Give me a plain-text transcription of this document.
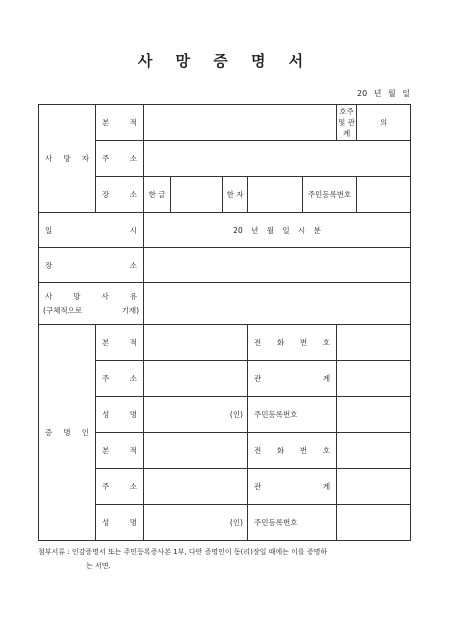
사 망 증 명 서
20 년 월 일
사 망 자	본 적						호주 및 관계	의
	주 소							
	장 소	한 글		한 자		주민등록번호		
일 시		20 년 월 일 시 분						
장 소								

사 망 사 유
(구체적으로 기재)								

증 명 인	본 적				전 화 번 호			
	주 소				관 계			
	성 명	(인)			주민등록번호			
	본 적				전 화 번 호			
	주 소				관 계			
	성 명	(인)			주민등록번호			
첨부서류 : 인감증명서 또는 주민등록증사본 1부, 다만 증명인이 동(리)장일 때에는 이를 증명하
는 서면.
